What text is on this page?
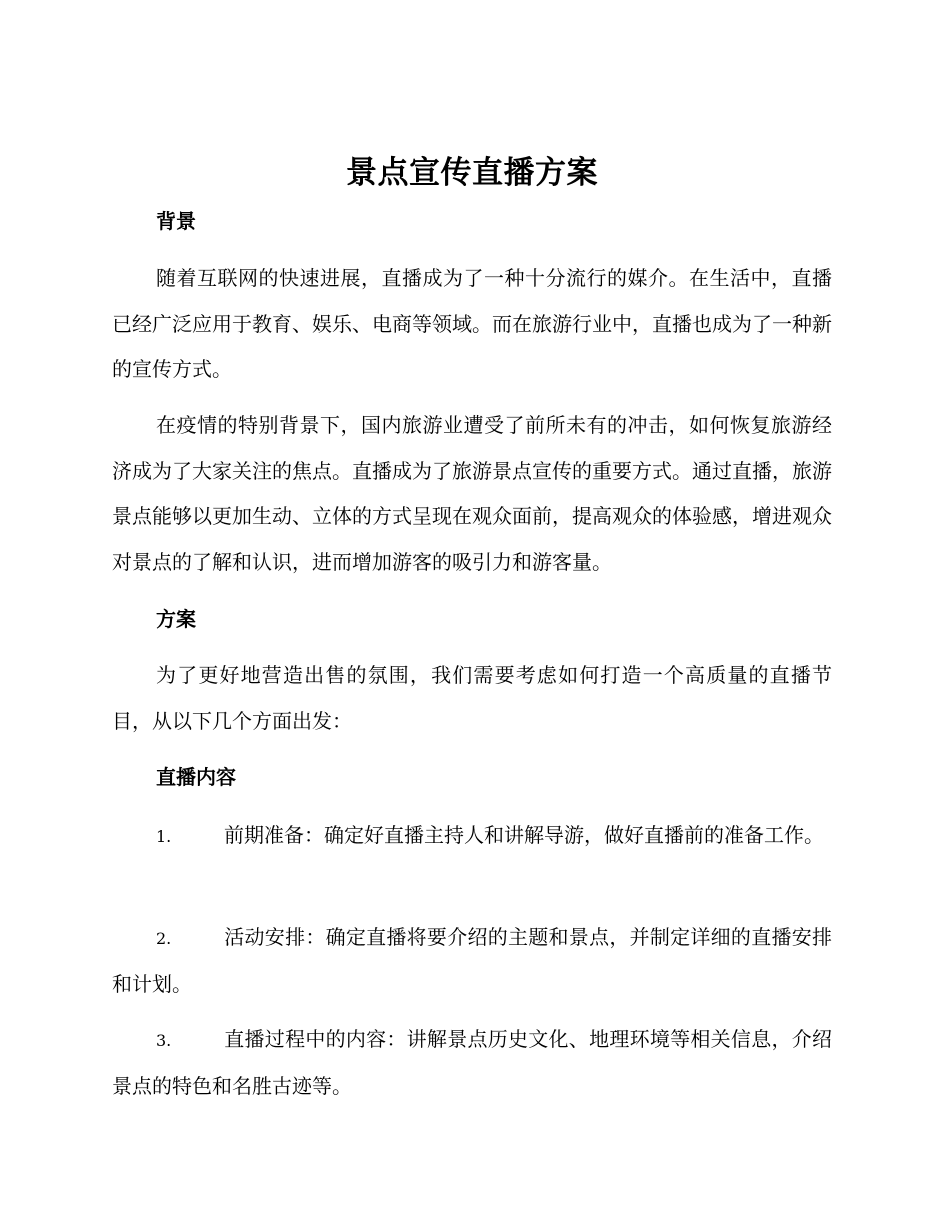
景点宣传直播方案
背景

随着互联网的快速进展，直播成为了一种十分流行的媒介。在生活中，直播已经广泛应用于教育、娱乐、电商等领域。而在旅游行业中，直播也成为了一种新的宣传方式。

在疫情的特别背景下，国内旅游业遭受了前所未有的冲击，如何恢复旅游经济成为了大家关注的焦点。直播成为了旅游景点宣传的重要方式。通过直播，旅游景点能够以更加生动、立体的方式呈现在观众面前，提高观众的体验感，增进观众对景点的了解和认识，进而增加游客的吸引力和游客量。

方案

为了更好地营造出售的氛围，我们需要考虑如何打造一个高质量的直播节目，从以下几个方面出发：

直播内容

1.	前期准备：确定好直播主持人和讲解导游，做好直播前的准备工作。

2.	活动安排：确定直播将要介绍的主题和景点，并制定详细的直播安排和计划。

3.	直播过程中的内容：讲解景点历史文化、地理环境等相关信息，介绍景点的特色和名胜古迹等。
